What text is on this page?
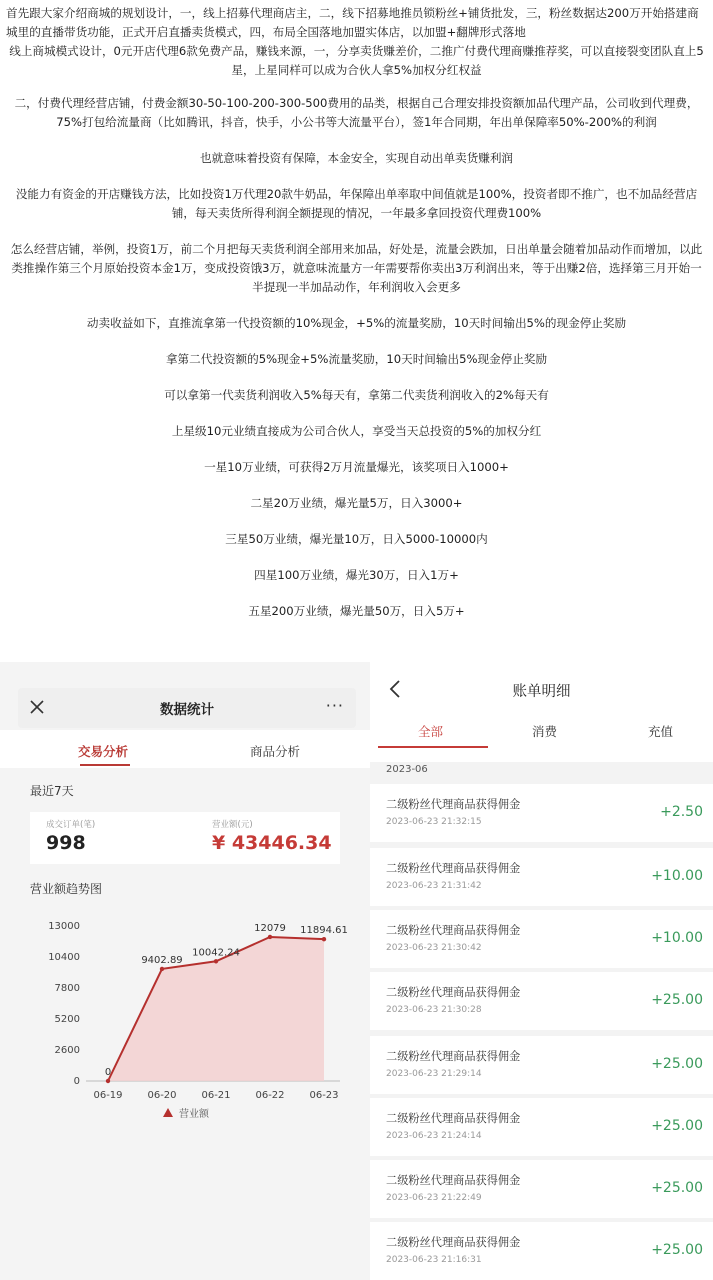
首先跟大家介绍商城的规划设计，一，线上招募代理商店主，二，线下招募地推员锁粉丝+铺货批发，三，粉丝数据达200万开始搭建商城里的直播带货功能，正式开启直播卖货模式，四，布局全国落地加盟实体店，以加盟+翻牌形式落地

线上商城模式设计，0元开店代理6款免费产品，赚钱来源，一，分享卖货赚差价，二推广付费代理商赚推荐奖，可以直接裂变团队直上5星，上星同样可以成为合伙人拿5%加权分红权益

二，付费代理经营店铺，付费金额30-50-100-200-300-500费用的品类，根据自己合理安排投资额加品代理产品，公司收到代理费，75%打包给流量商（比如腾讯，抖音，快手，小公书等大流量平台），签1年合同期，年出单保障率50%-200%的利润

也就意味着投资有保障，本金安全，实现自动出单卖货赚利润

没能力有资金的开店赚钱方法，比如投资1万代理20款牛奶品，年保障出单率取中间值就是100%，投资者即不推广，也不加品经营店铺，每天卖货所得利润全额提现的情况，一年最多拿回投资代理费100%

怎么经营店铺，举例，投资1万，前二个月把每天卖货利润全部用来加品，好处是，流量会跌加，日出单量会随着加品动作而增加，以此类推操作第三个月原始投资本金1万，变成投资饿3万，就意味流量方一年需要帮你卖出3万利润出来，等于出赚2倍，选择第三月开始一半提现一半加品动作，年利润收入会更多

动卖收益如下，直推流拿第一代投资额的10%现金，+5%的流量奖励，10天时间输出5%的现金停止奖励

拿第二代投资额的5%现金+5%流量奖励，10天时间输出5%现金停止奖励

可以拿第一代卖货利润收入5%每天有，拿第二代卖货利润收入的2%每天有

上星级10元业绩直接成为公司合伙人，享受当天总投资的5%的加权分红

一星10万业绩，可获得2万月流量爆光，该奖项日入1000+

二星20万业绩，爆光量5万，日入3000+

三星50万业绩，爆光量10万，日入5000-10000内

四星100万业绩，爆光30万，日入1万+

五星200万业绩，爆光量50万，日入5万+

数据统计	···
交易分析	商品分析
最近7天
成交订单(笔)
998
营业额(元)
¥ 43446.34
营业额趋势图
0
2600
5200
7800
10400
13000
06-19 06-20 06-21 06-22 06-23
0
9402.89
10042.24
12079 11894.61
营业额
账单明细
全部	消费	充值
2023-06
二级粉丝代理商品获得佣金
2023-06-23 21:32:15
+2.50
二级粉丝代理商品获得佣金
2023-06-23 21:31:42
+10.00
二级粉丝代理商品获得佣金
2023-06-23 21:30:42
+10.00
二级粉丝代理商品获得佣金
2023-06-23 21:30:28
+25.00
二级粉丝代理商品获得佣金
2023-06-23 21:29:14
+25.00
二级粉丝代理商品获得佣金
2023-06-23 21:24:14
+25.00
二级粉丝代理商品获得佣金
2023-06-23 21:22:49
+25.00
二级粉丝代理商品获得佣金
2023-06-23 21:16:31
+25.00
